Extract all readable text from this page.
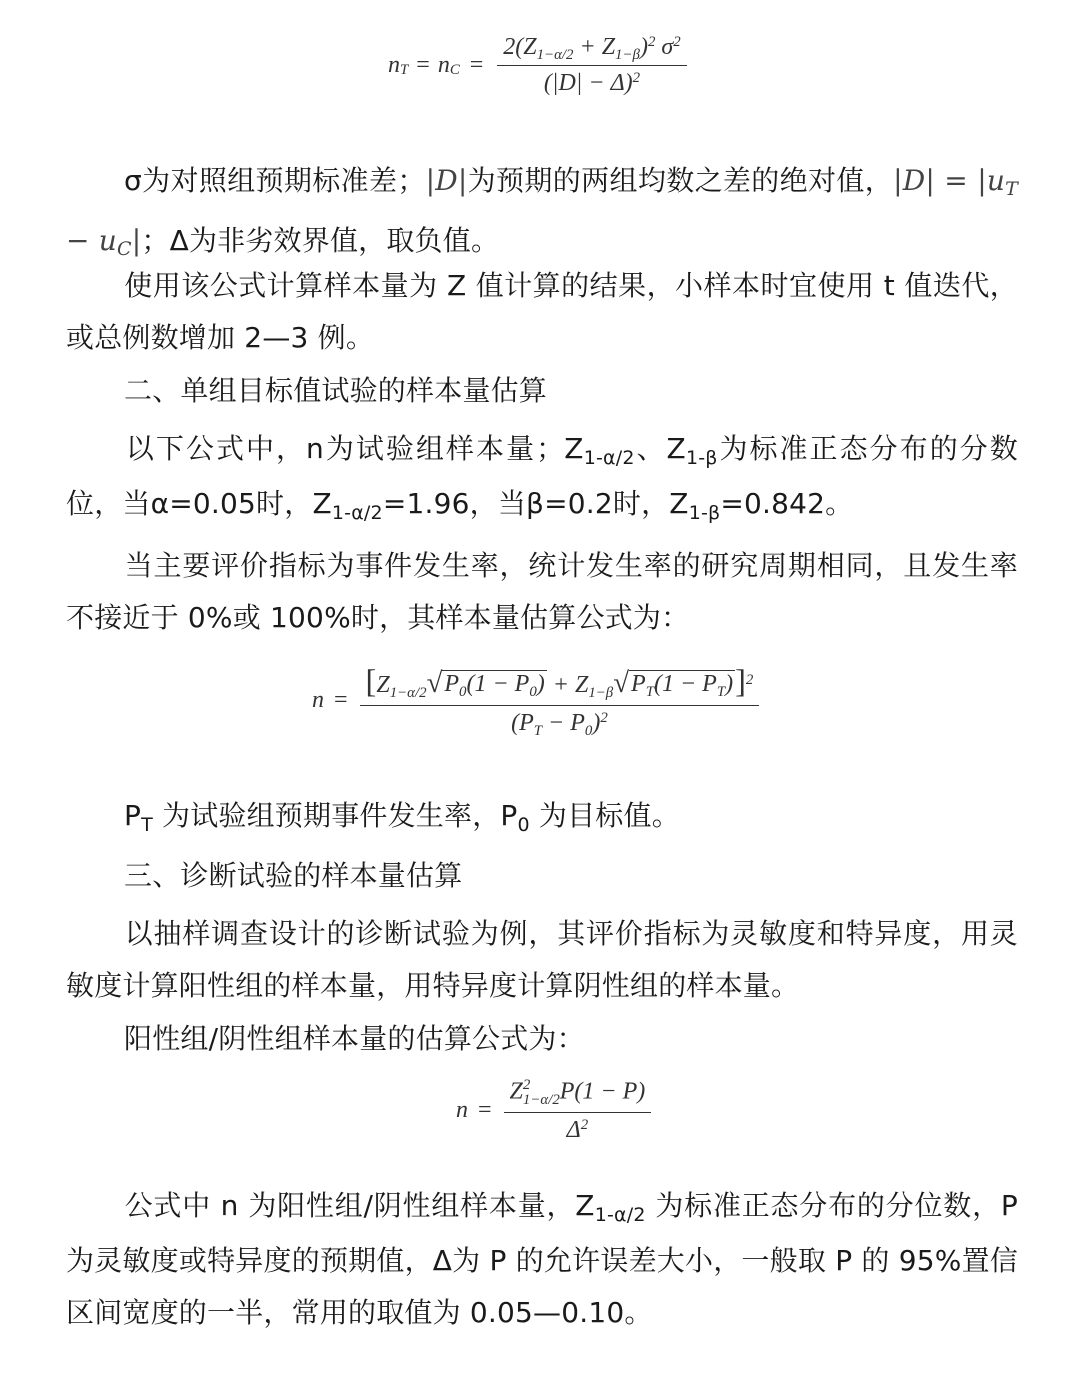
n T = n $C = \frac{2(Z_{1-\alpha/2} + Z_{1-\beta})^2 \sigma^2}{(|D| - \Delta)^2}$

σ为对照组预期标准差；|D|为预期的两组均数之差的绝对值，|D| = |uT − uC|；Δ为非劣效界值，取负值。

使用该公式计算样本量为 Z 值计算的结果，小样本时宜使用 t 值迭代，或总例数增加 2—3 例。

二、单组目标值试验的样本量估算

以下公式中，n为试验组样本量；$Z_{1-\alpha/2}$、$Z_{1-\beta}$为标准正态分布的分数位，当α=0.05时，$Z_{1-\alpha/2}=1.96$，当β=0.2时，$Z_{1-\beta}=0.842$。

当主要评价指标为事件发生率，统计发生率的研究周期相同，且发生率不接近于 0%或 100%时，其样本量估算公式为：

$n = \frac{[Z_{1-\alpha/2} √ P_0(1 - P_0) + Z_{1-\beta} √ P_T(1 - P_T) ]^2}{(P_T - P_0)^2}$

$P_T$ 为试验组预期事件发生率，$P_0$ 为目标值。

三、诊断试验的样本量估算

以抽样调查设计的诊断试验为例，其评价指标为灵敏度和特异度，用灵敏度计算阳性组的样本量，用特异度计算阴性组的样本量。

阳性组/阴性组样本量的估算公式为：

n = Z 2
1−α/2 P(1 − P)
$\Delta^2$

公式中 n 为阳性组/阴性组样本量，$Z_{1-\alpha/2}$ 为标准正态分布的分位数，P 为灵敏度或特异度的预期值，Δ为 P 的允许误差大小，一般取 P 的 95%置信区间宽度的一半，常用的取值为 0.05—0.10。
